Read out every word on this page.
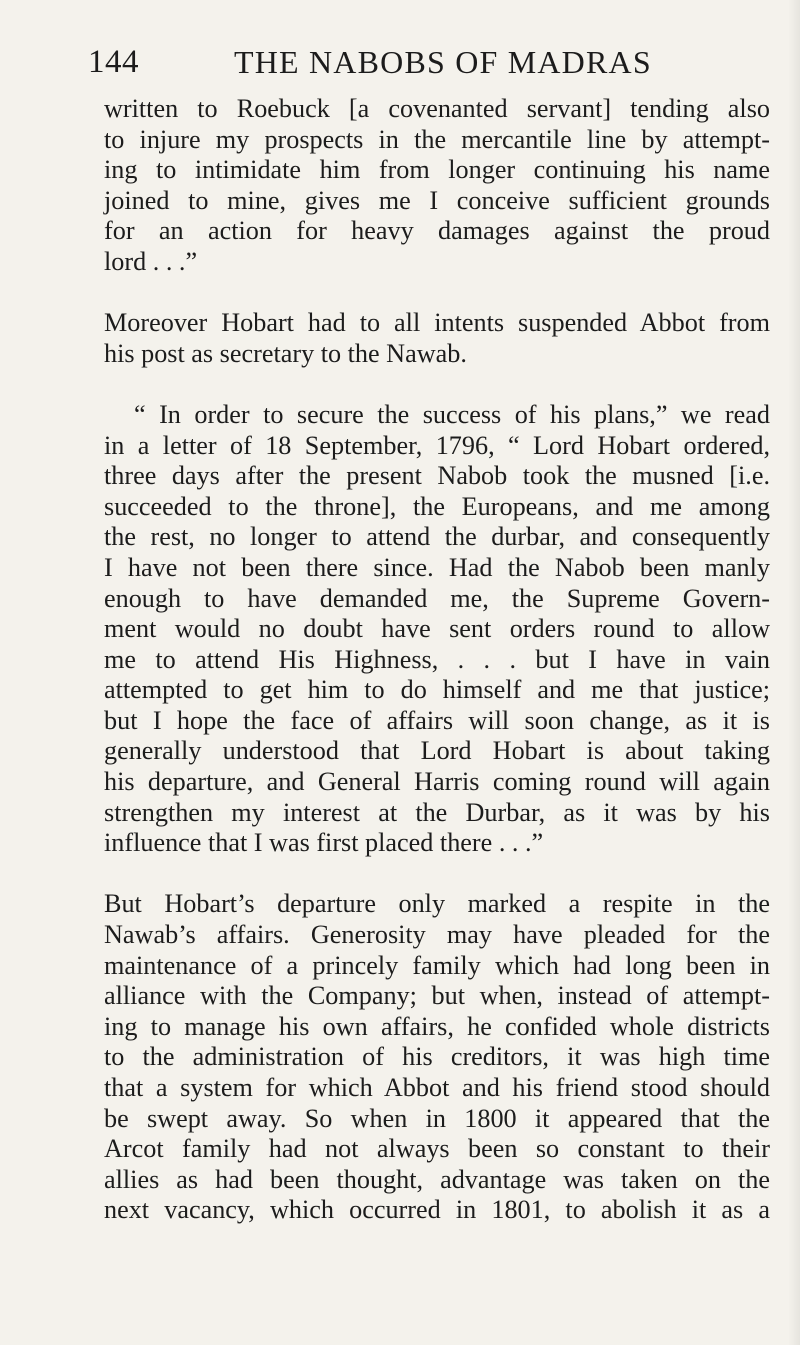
144	THE NABOBS OF MADRAS

written to Roebuck [a covenanted servant] tending also
to injure my prospects in the mercantile line by attempt-
ing to intimidate him from longer continuing his name
joined to mine, gives me I conceive sufficient grounds
for an action for heavy damages against the proud
lord . . .”

Moreover Hobart had to all intents suspended Abbot from
his post as secretary to the Nawab.

“ In order to secure the success of his plans,” we read
in a letter of 18 September, 1796, “ Lord Hobart ordered,
three days after the present Nabob took the musned [i.e.
succeeded to the throne], the Europeans, and me among
the rest, no longer to attend the durbar, and consequently
I have not been there since. Had the Nabob been manly
enough to have demanded me, the Supreme Govern-
ment would no doubt have sent orders round to allow
me to attend His Highness, . . . but I have in vain
attempted to get him to do himself and me that justice;
but I hope the face of affairs will soon change, as it is
generally understood that Lord Hobart is about taking
his departure, and General Harris coming round will again
strengthen my interest at the Durbar, as it was by his
influence that I was first placed there . . .”

But Hobart’s departure only marked a respite in the
Nawab’s affairs. Generosity may have pleaded for the
maintenance of a princely family which had long been in
alliance with the Company; but when, instead of attempt-
ing to manage his own affairs, he confided whole districts
to the administration of his creditors, it was high time
that a system for which Abbot and his friend stood should
be swept away. So when in 1800 it appeared that the
Arcot family had not always been so constant to their
allies as had been thought, advantage was taken on the
next vacancy, which occurred in 1801, to abolish it as a
